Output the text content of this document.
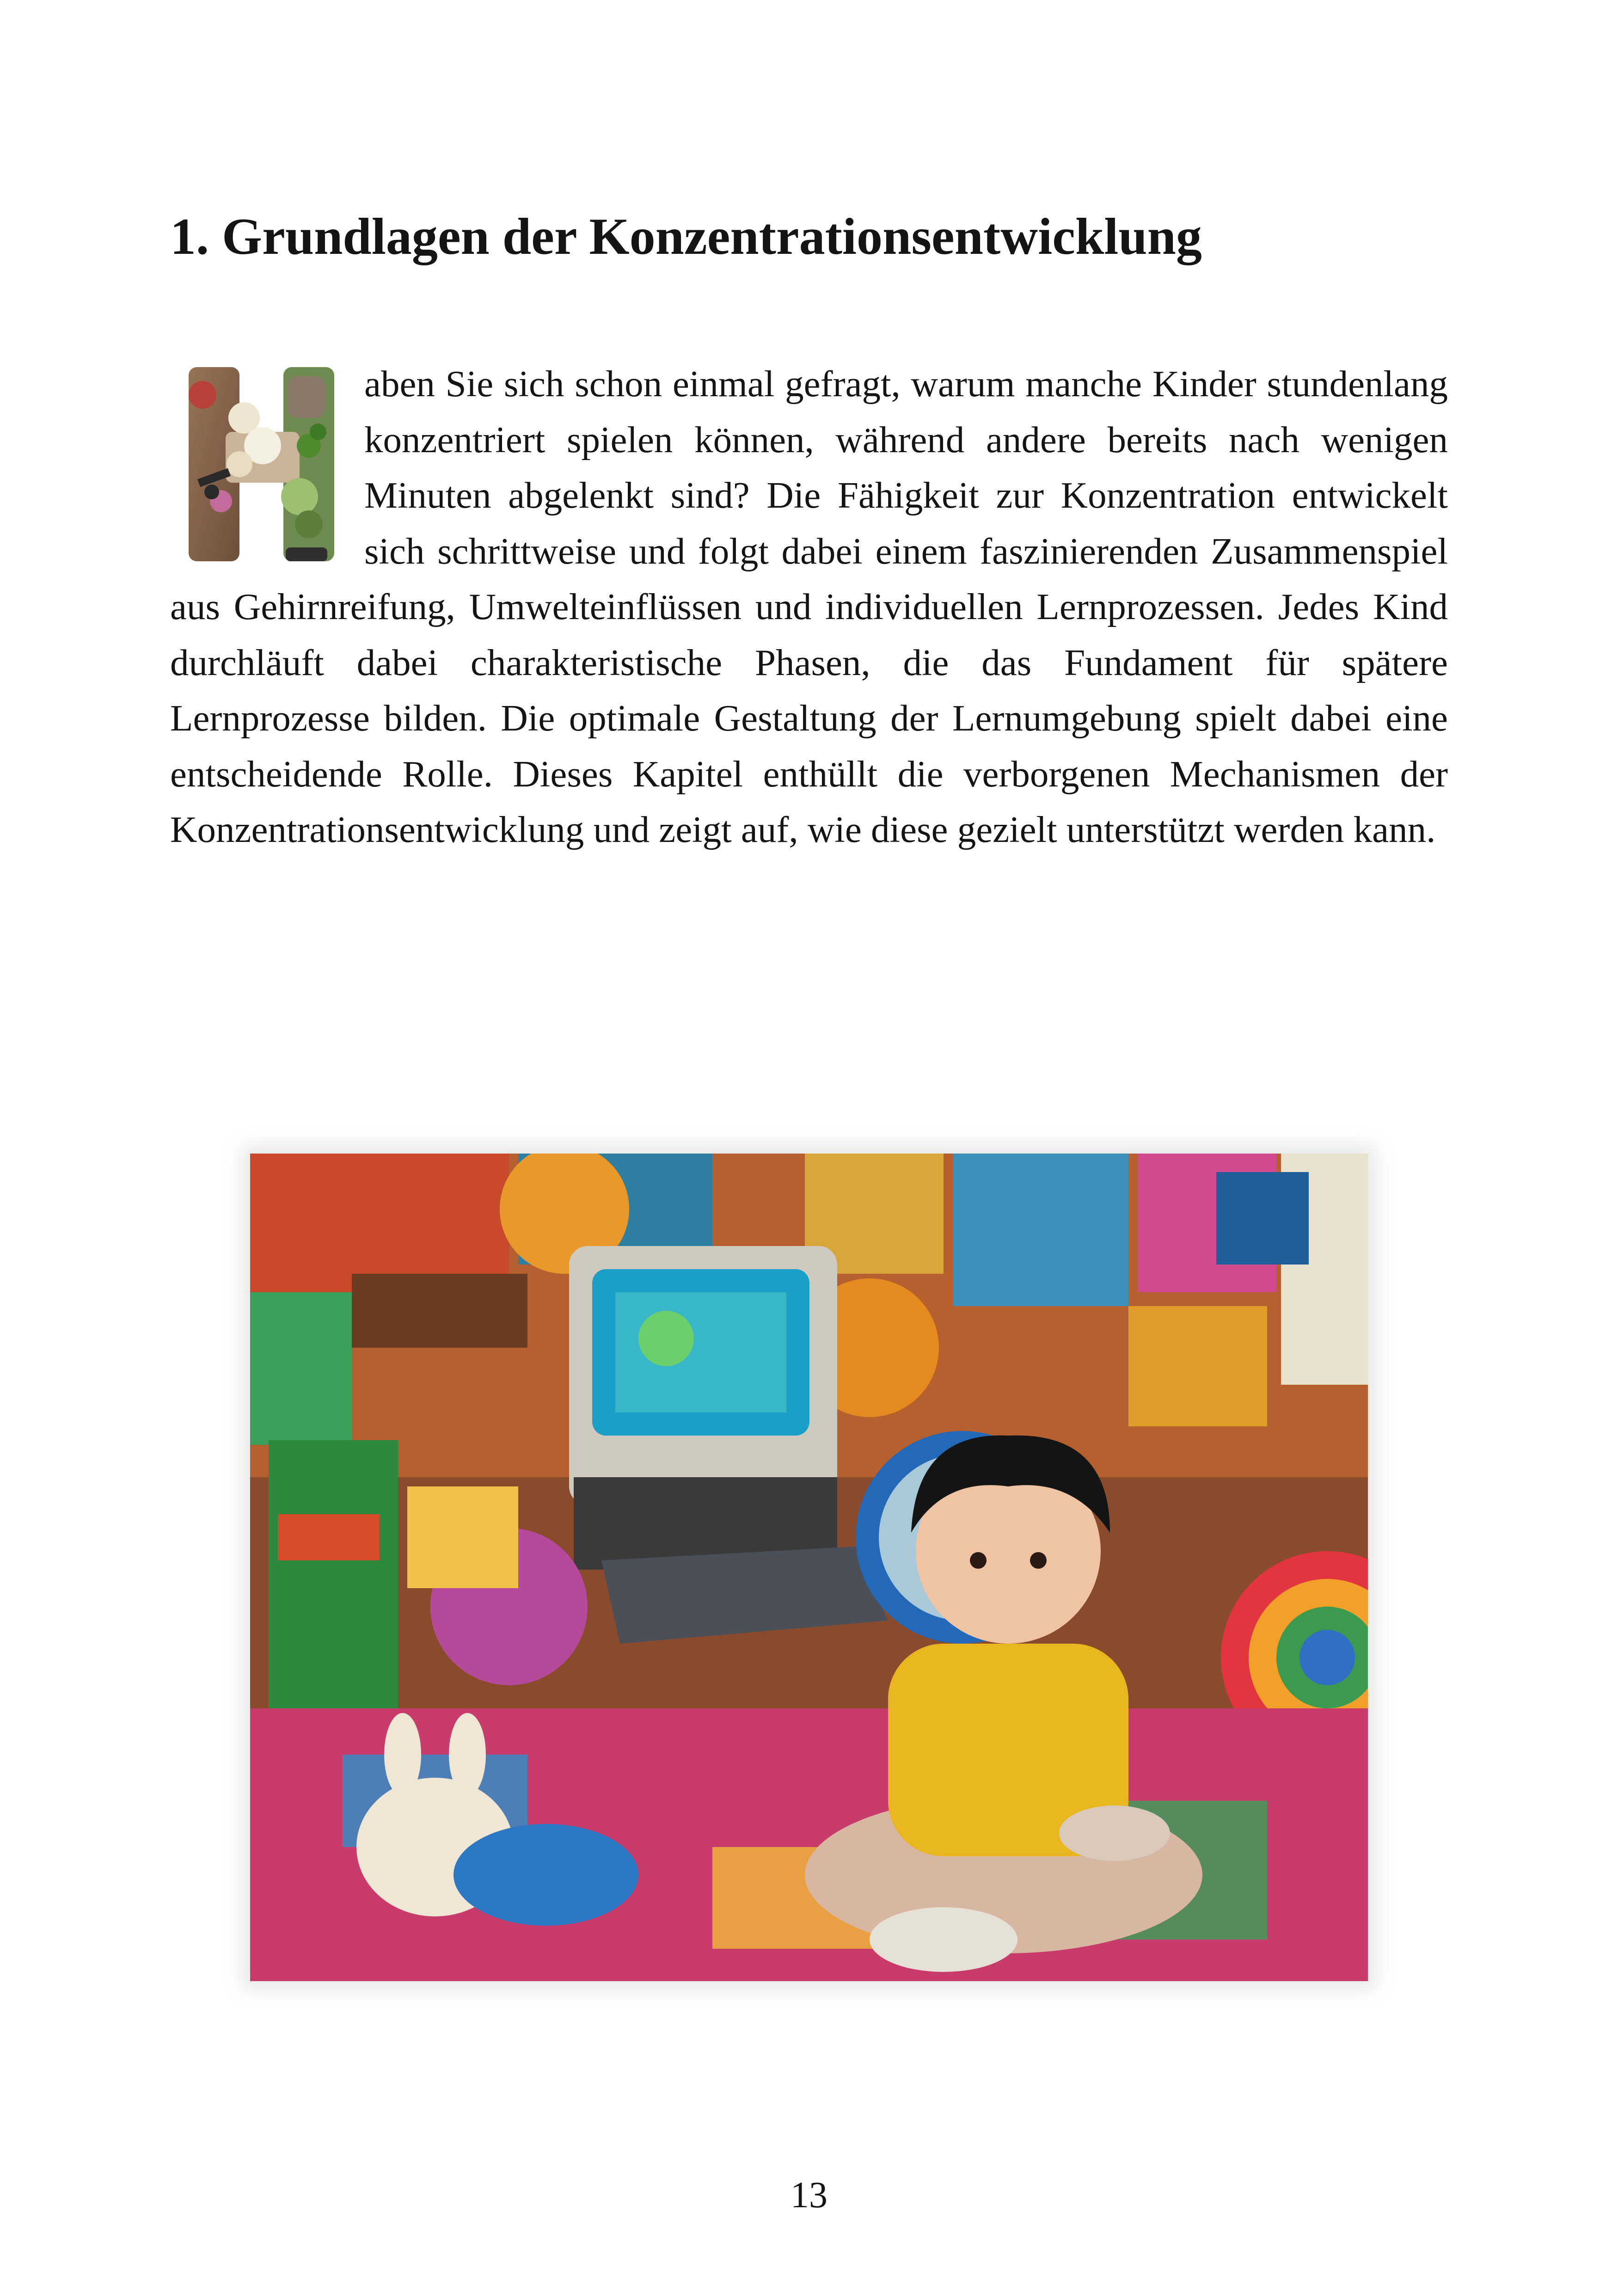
1. Grundlagen der Konzentrationsentwicklung

aben Sie sich schon einmal gefragt, warum manche Kinder stundenlang konzentriert spielen können, während andere bereits nach wenigen Minuten abgelenkt sind? Die Fähigkeit zur Konzentration entwickelt sich schrittweise und folgt dabei einem faszinierenden Zusammenspiel aus Gehirnreifung, Umwelteinflüssen und individuellen Lernprozessen. Jedes Kind durchläuft dabei charakteristische Phasen, die das Fundament für spätere Lernprozesse bilden. Die optimale Gestaltung der Lernumgebung spielt dabei eine entscheidende Rolle. Dieses Kapitel enthüllt die verborgenen Mechanismen der Konzentrationsentwicklung und zeigt auf, wie diese gezielt unterstützt werden kann.

13
